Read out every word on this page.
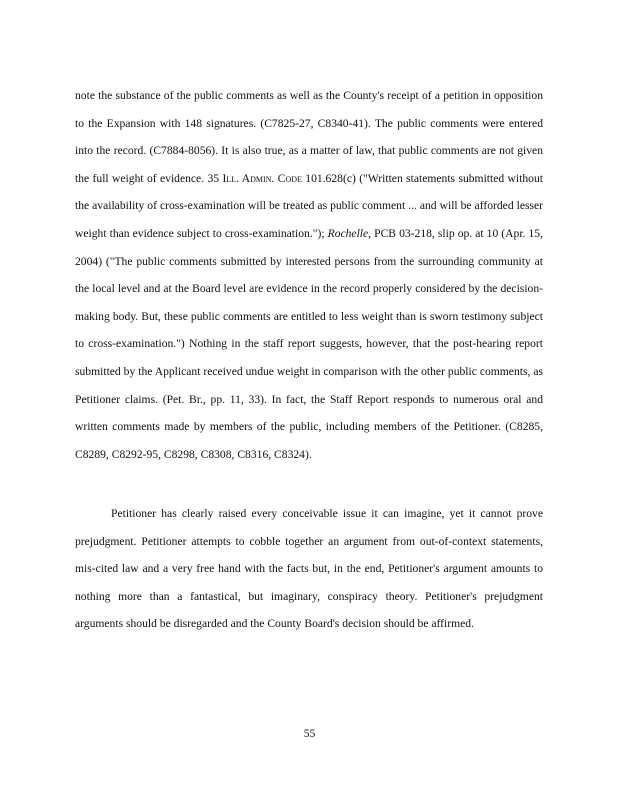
note the substance of the public comments as well as the County's receipt of a petition in opposition to the Expansion with 148 signatures. (C7825-27, C8340-41). The public comments were entered into the record. (C7884-8056). It is also true, as a matter of law, that public comments are not given the full weight of evidence. 35 Ill. Admin. Code 101.628(c) ("Written statements submitted without the availability of cross-examination will be treated as public comment ... and will be afforded lesser weight than evidence subject to cross-examination."); Rochelle, PCB 03-218, slip op. at 10 (Apr. 15, 2004) ("The public comments submitted by interested persons from the surrounding community at the local level and at the Board level are evidence in the record properly considered by the decision-making body. But, these public comments are entitled to less weight than is sworn testimony subject to cross-examination.") Nothing in the staff report suggests, however, that the post-hearing report submitted by the Applicant received undue weight in comparison with the other public comments, as Petitioner claims. (Pet. Br., pp. 11, 33). In fact, the Staff Report responds to numerous oral and written comments made by members of the public, including members of the Petitioner. (C8285, C8289, C8292-95, C8298, C8308, C8316, C8324).

Petitioner has clearly raised every conceivable issue it can imagine, yet it cannot prove prejudgment. Petitioner attempts to cobble together an argument from out-of-context statements, mis-cited law and a very free hand with the facts but, in the end, Petitioner's argument amounts to nothing more than a fantastical, but imaginary, conspiracy theory. Petitioner's prejudgment arguments should be disregarded and the County Board's decision should be affirmed.

55
